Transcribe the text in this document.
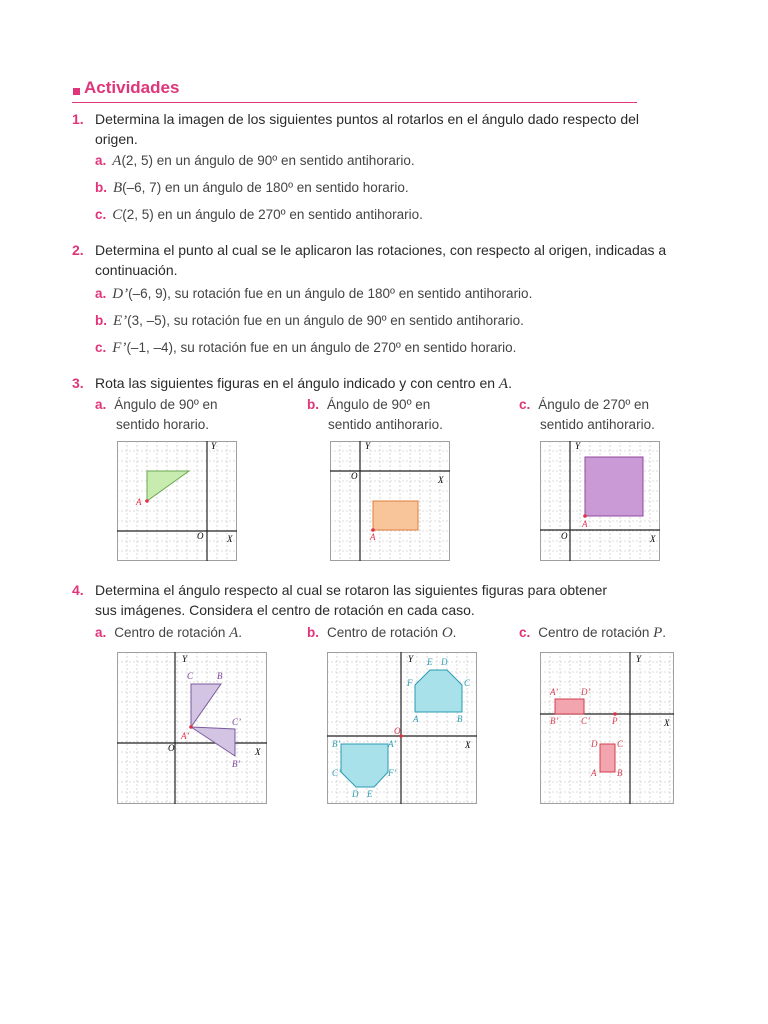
Actividades
1. Determina la imagen de los siguientes puntos al rotarlos en el ángulo dado respecto del origen.
a. A(2, 5) en un ángulo de 90º en sentido antihorario.
b. B(–6, 7) en un ángulo de 180º en sentido horario.
c. C(2, 5) en un ángulo de 270º en sentido antihorario.
2. Determina el punto al cual se le aplicaron las rotaciones, con respecto al origen, indicadas a continuación.
a. D’(–6, 9), su rotación fue en un ángulo de 180º en sentido antihorario.
b. E’(3, –5), su rotación fue en un ángulo de 90º en sentido antihorario.
c. F’(–1, –4), su rotación fue en un ángulo de 270º en sentido horario.
3. Rota las siguientes figuras en el ángulo indicado y con centro en A.
a. Ángulo de 90º en
sentido horario.
b. Ángulo de 90º en
sentido antihorario.
c. Ángulo de 270º en
sentido antihorario.
A
Y
X
O	A
Y
X
O
A
Y
X
O
4. Determina el ángulo respecto al cual se rotaron las siguientes figuras para obtener
sus imágenes. Considera el centro de rotación en cada caso.
a. Centro de rotación A.	b. Centro de rotación O.	c. Centro de rotación P.
A’
C	B
C’
B’
Y
X
O
O
E D
F	C
A	B
B’	A’
C’	F’
D E
Y
X
P
A’	D’
B’	C’
D C
A B
Y
X
